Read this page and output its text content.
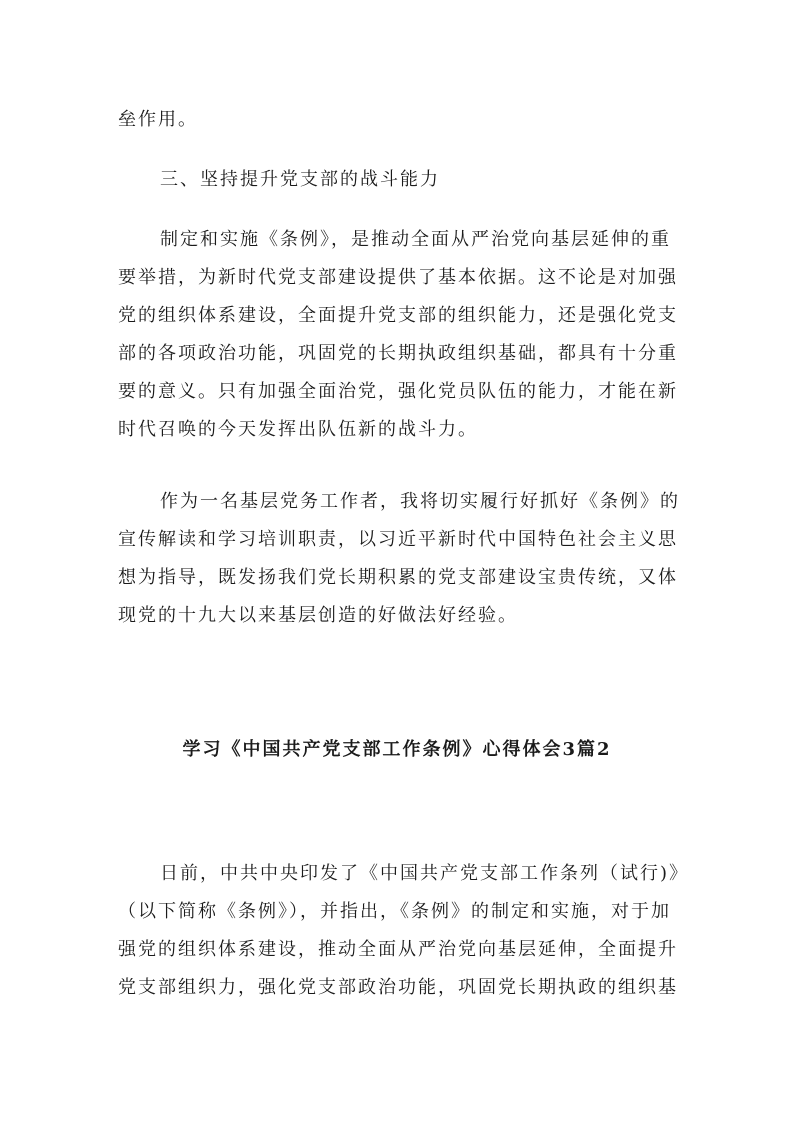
垒作用。
三、坚持提升党支部的战斗能力
制定和实施《条例》，是推动全面从严治党向基层延伸的重
要举措，为新时代党支部建设提供了基本依据。这不论是对加强
党的组织体系建设，全面提升党支部的组织能力，还是强化党支
部的各项政治功能，巩固党的长期执政组织基础，都具有十分重
要的意义。只有加强全面治党，强化党员队伍的能力，才能在新
时代召唤的今天发挥出队伍新的战斗力。
作为一名基层党务工作者，我将切实履行好抓好《条例》的
宣传解读和学习培训职责，以习近平新时代中国特色社会主义思
想为指导，既发扬我们党长期积累的党支部建设宝贵传统，又体
现党的十九大以来基层创造的好做法好经验。
学习《中国共产党支部工作条例》心得体会3篇2
日前，中共中央印发了《中国共产党支部工作条列（试行)》
（以下简称《条例》），并指出，《条例》的制定和实施，对于加
强党的组织体系建设，推动全面从严治党向基层延伸，全面提升
党支部组织力，强化党支部政治功能，巩固党长期执政的组织基
